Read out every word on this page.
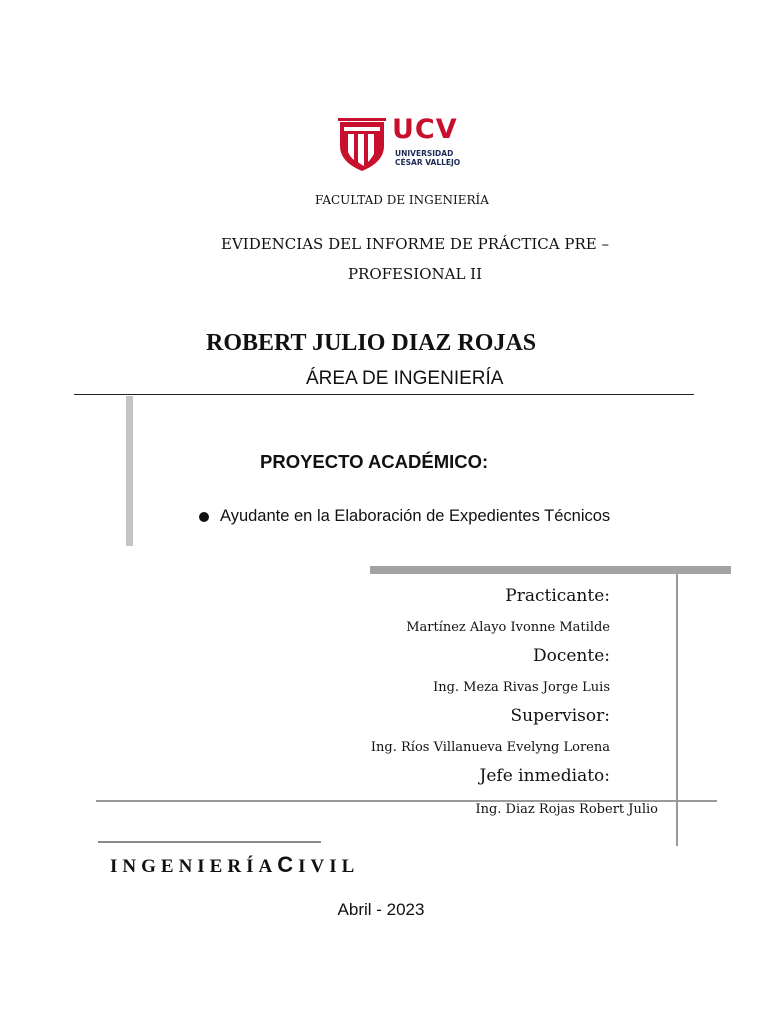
UCV
UNIVERSIDAD
CÉSAR VALLEJO
FACULTAD DE INGENIERÍA
EVIDENCIAS DEL INFORME DE PRÁCTICA PRE –
PROFESIONAL II
ROBERT JULIO DIAZ ROJAS
ÁREA DE INGENIERÍA
PROYECTO ACADÉMICO:
Ayudante en la Elaboración de Expedientes Técnicos
Practicante:
Martínez Alayo Ivonne Matilde
Docente:
Ing. Meza Rivas Jorge Luis
Supervisor:
Ing. Ríos Villanueva Evelyng Lorena
Jefe inmediato:
Ing. Diaz Rojas Robert Julio
INGENIERÍACIVIL
Abril - 2023
